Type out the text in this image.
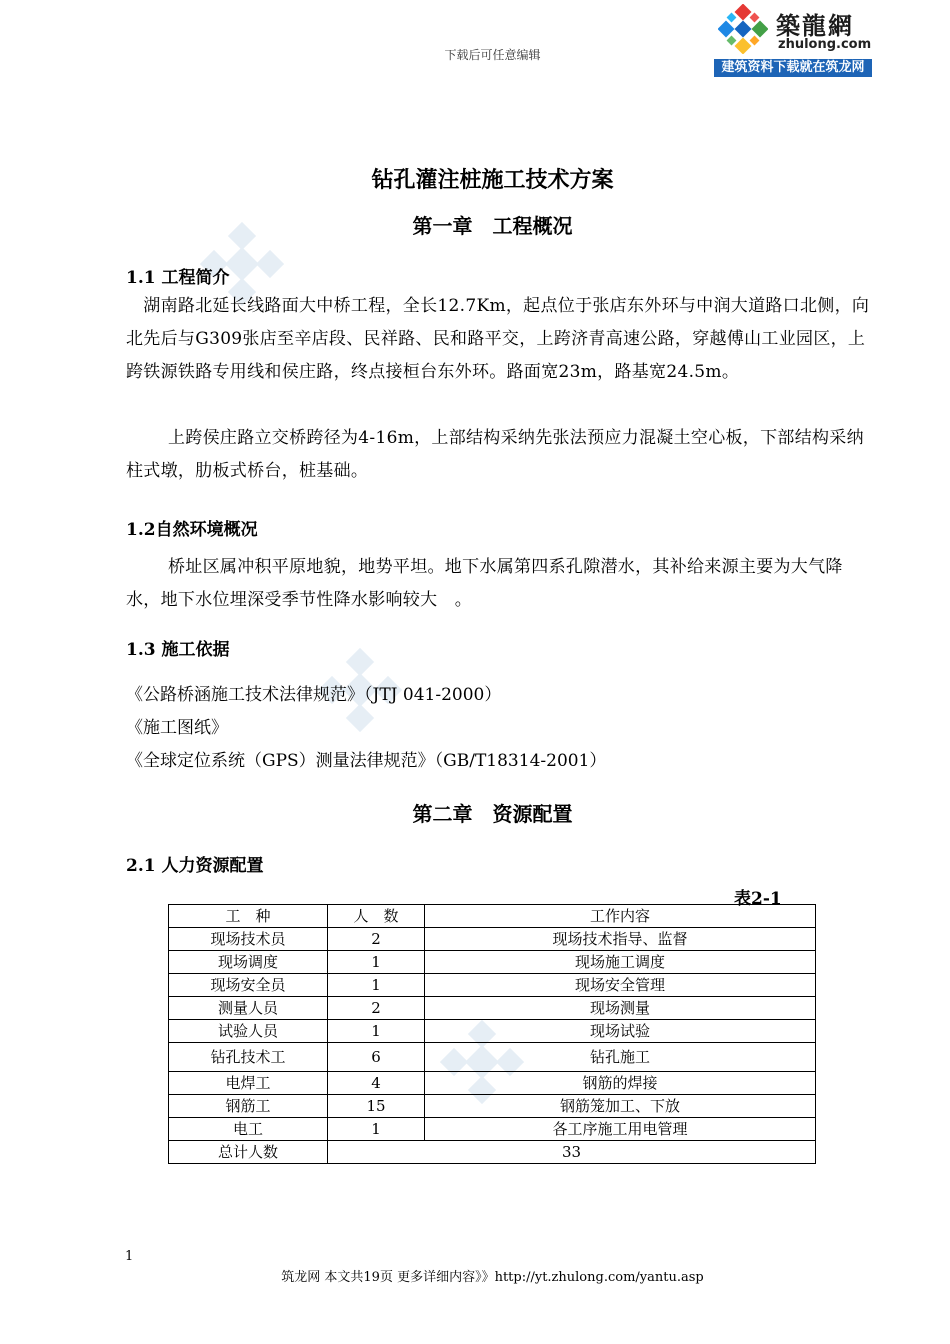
下载后可任意编辑
築龍網
zhulong.com
建筑资料下载就在筑龙网
钻孔灌注桩施工技术方案
第一章　工程概况
1.1 工程简介
　湖南路北延长线路面大中桥工程，全长12.7Km，起点位于张店东外环与中润大道路口北侧，向北先后与G309张店至辛店段、民祥路、民和路平交，上跨济青高速公路，穿越傅山工业园区，上跨铁源铁路专用线和侯庄路，终点接桓台东外环。路面宽23m，路基宽24.5m。
上跨侯庄路立交桥跨径为4-16m，上部结构采纳先张法预应力混凝土空心板，下部结构采纳柱式墩，肋板式桥台，桩基础。
1.2自然环境概况
桥址区属冲积平原地貌，地势平坦。地下水属第四系孔隙潜水，其补给来源主要为大气降水，地下水位埋深受季节性降水影响较大　。
1.3 施工依据
《公路桥涵施工技术法律规范》（JTJ 041-2000）
《施工图纸》
《全球定位系统（GPS）测量法律规范》（GB/T18314-2001）
第二章　资源配置
2.1 人力资源配置
表2-1
工　种	人　数	工作内容
现场技术员	2	现场技术指导、监督
现场调度	1	现场施工调度
现场安全员	1	现场安全管理
测量人员	2	现场测量
试验人员	1	现场试验
钻孔技术工	6	钻孔施工
电焊工	4	钢筋的焊接
钢筋工	15	钢筋笼加工、下放
电工	1	各工序施工用电管理
总计人数	33	
1
筑龙网 本文共19页 更多详细内容》》http://yt.zhulong.com/yantu.asp
